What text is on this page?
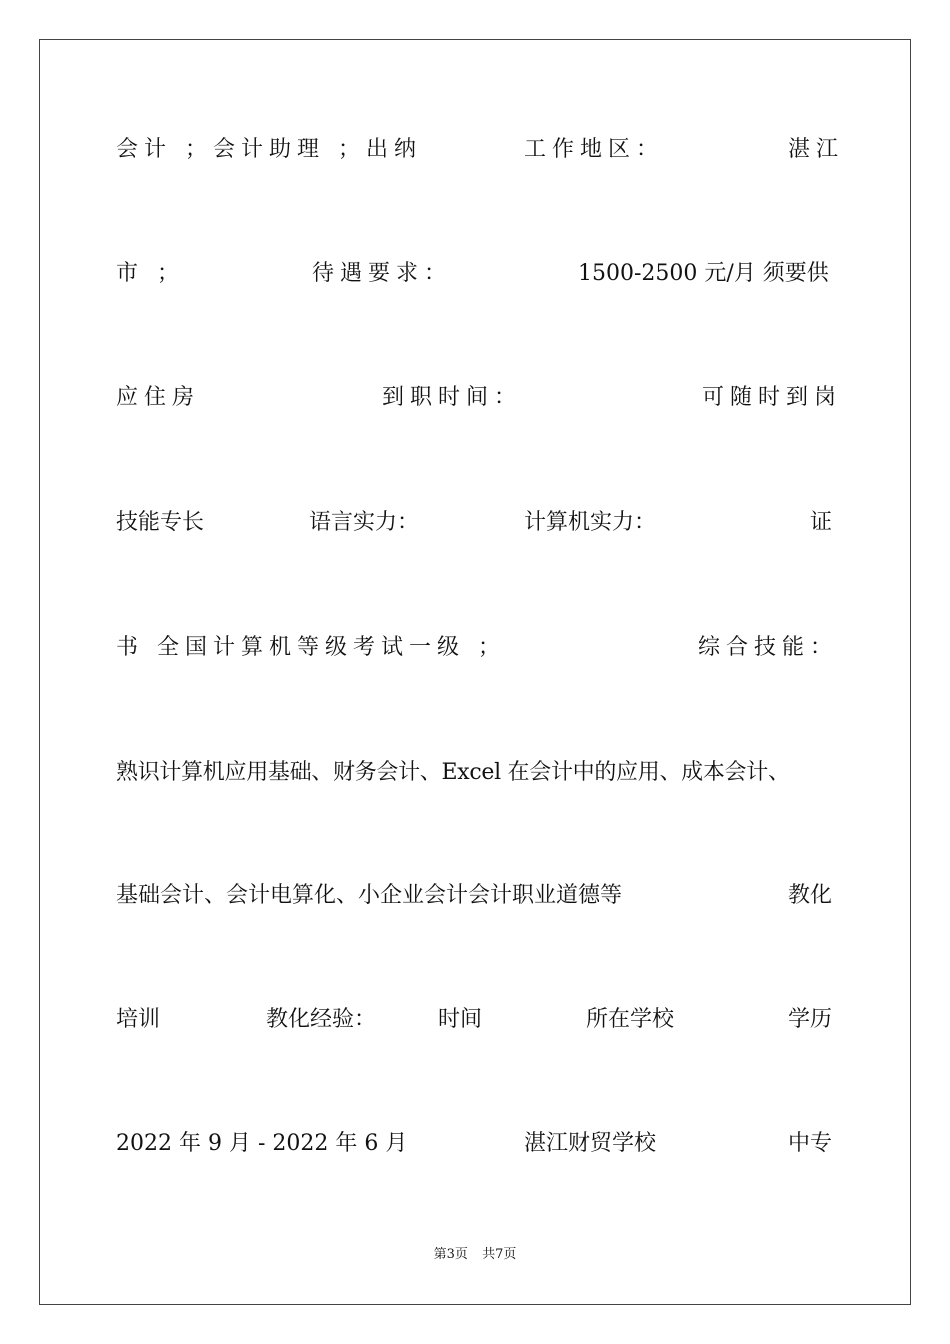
会计 ；会计助理 ；出纳	工作地区：	湛江
市 ；	待遇要求：	1500-2500 元/月 须要供
应住房	到职时间：	可随时到岗
技能专长	语言实力：	计算机实力：	证
书 全国计算机等级考试一级 ；	综合技能：
熟识计算机应用基础、财务会计、Excel 在会计中的应用、成本会计、
基础会计、会计电算化、小企业会计会计职业道德等	教化
培训	教化经验：	时间	所在学校	学历
2022 年 9 月 - 2022 年 6 月	湛江财贸学校	中专
第3页 共7页
